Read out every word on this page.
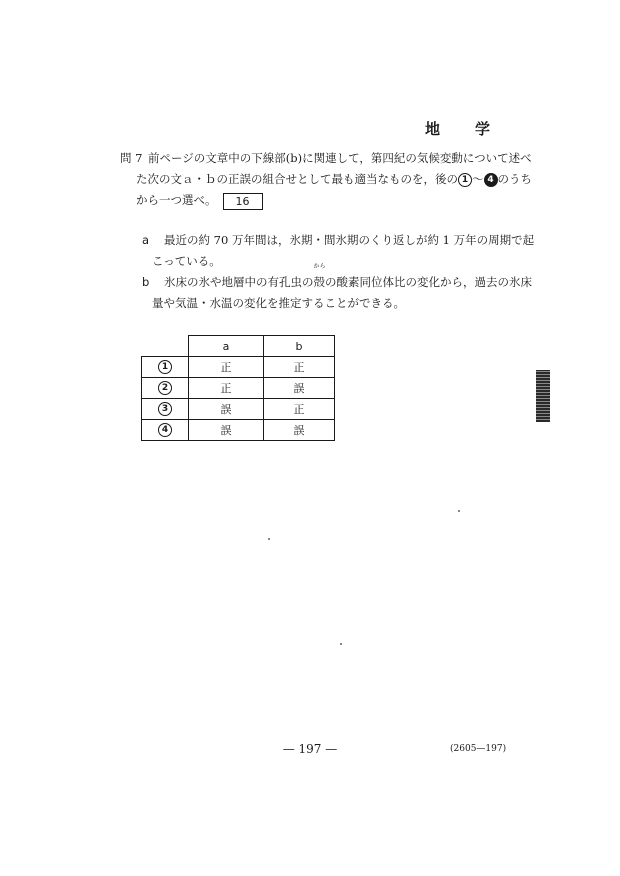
地　学
問 7 前ページの文章中の下線部(b)に関連して，第四紀の気候変動について述べ
た次の文ａ・ｂの正誤の組合せとして最も適当なものを，後の 1 ～ 4 のうち
から一つ選べ。 16
a 最近の約 70 万年間は，氷期・間氷期のくり返しが約 1 万年の周期で起
こっている。
b 氷床の氷や地層中の有孔虫の
から
殻の酸素同位体比の変化から，過去の氷床
量や気温・水温の変化を推定することができる。
	a	b
1	正	正
2	正	誤
3	誤	正
4	誤	誤
— 197 —	(2605—197)
